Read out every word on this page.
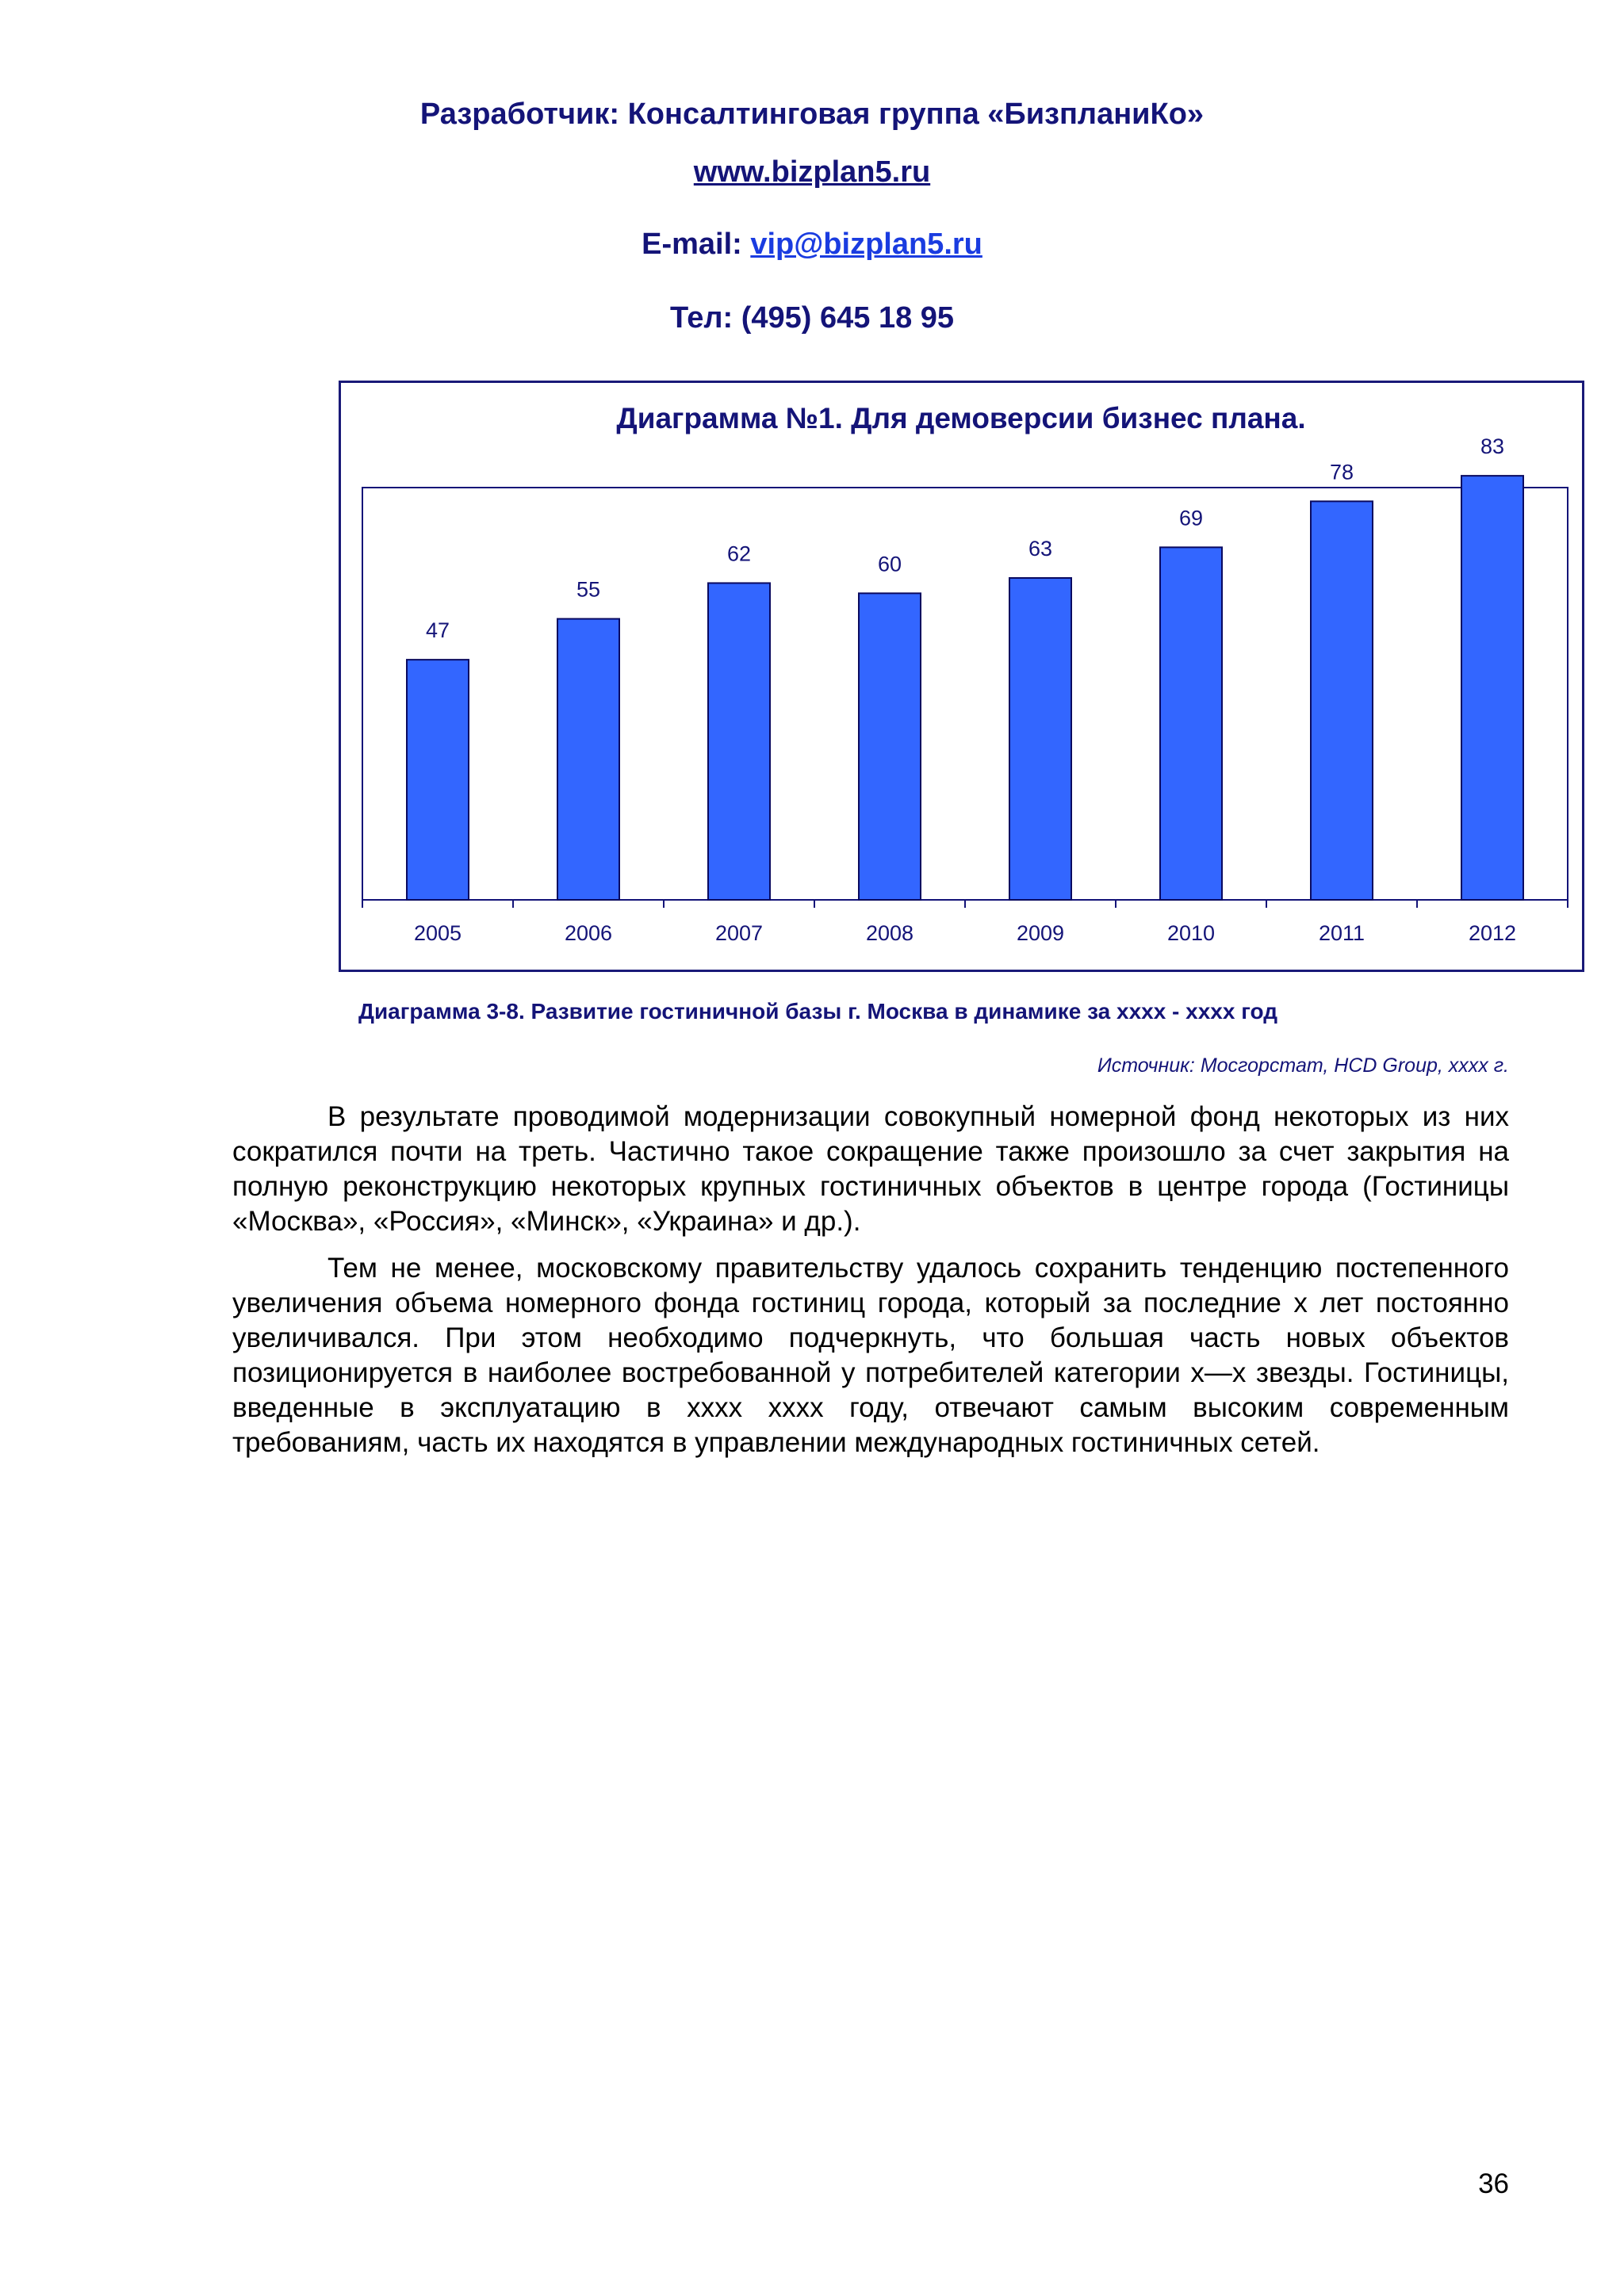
Разработчик: Консалтинговая группа «БизпланиКо»
www.bizplan5.ru
E-mail: vip@bizplan5.ru
Тел: (495) 645 18 95
Диаграмма №1. Для демоверсии бизнес плана.
47
2005
55
2006
62
2007
60
2008
63
2009
69
2010
78
2011
83
2012
Диаграмма 3-8. Развитие гостиничной базы г. Москва в динамике за хххх - хххх год
Источник: Мосгорстат, HCD Group, хххх г.
В результате проводимой модернизации совокупный номерной фонд некоторых из них сократился почти на треть. Частично такое сокращение также произошло за счет закрытия на полную реконструкцию некоторых крупных гостиничных объектов в центре города (Гостиницы «Москва», «Россия», «Минск», «Украина» и др.).
Тем не менее, московскому правительству удалось сохранить тенденцию постепенного увеличения объема номерного фонда гостиниц города, который за последние х лет постоянно увеличивался. При этом необходимо подчеркнуть, что большая часть новых объектов позиционируется в наиболее востребованной у потребителей категории х—х звезды. Гостиницы, введенные в эксплуатацию в хххх хххх году, отвечают самым высоким современным требованиям, часть их находятся в управлении международных гостиничных сетей.
36
